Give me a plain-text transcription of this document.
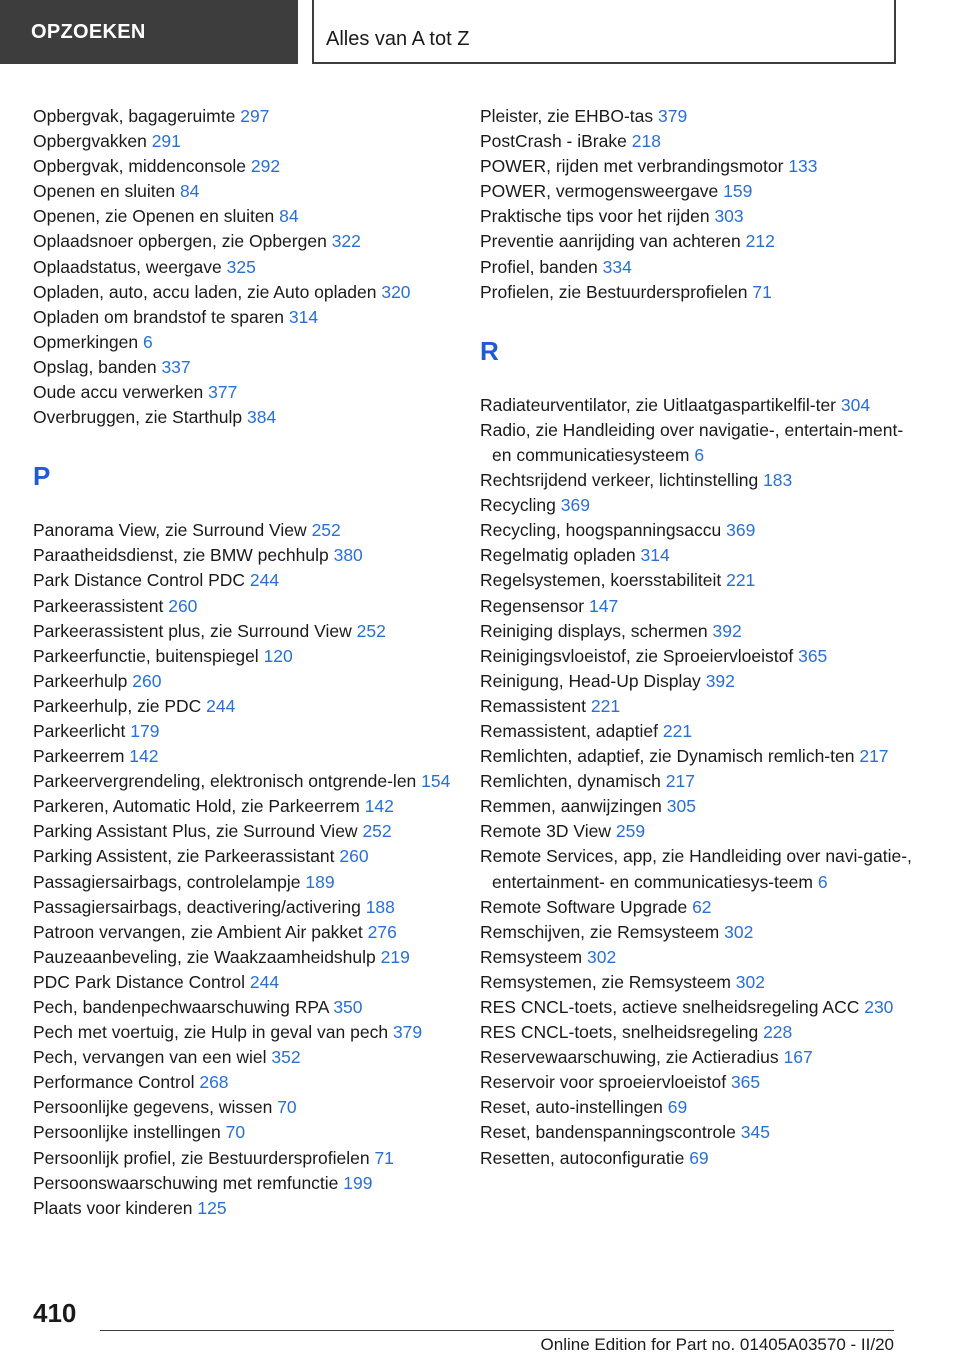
OPZOEKEN	Alles van A tot Z
Opbergvak, bagageruimte 297
Opbergvakken 291
Opbergvak, middenconsole 292
Openen en sluiten 84
Openen, zie Openen en sluiten 84
Oplaadsnoer opbergen, zie Opbergen 322
Oplaadstatus, weergave 325
Opladen, auto, accu laden, zie Auto opladen 320
Opladen om brandstof te sparen 314
Opmerkingen 6
Opslag, banden 337
Oude accu verwerken 377
Overbruggen, zie Starthulp 384
P
Panorama View, zie Surround View 252
Paraatheidsdienst, zie BMW pechhulp 380
Park Distance Control PDC 244
Parkeerassistent 260
Parkeerassistent plus, zie Surround View 252
Parkeerfunctie, buitenspiegel 120
Parkeerhulp 260
Parkeerhulp, zie PDC 244
Parkeerlicht 179
Parkeerrem 142
Parkeervergrendeling, elektronisch ontgrende-len 154
Parkeren, Automatic Hold, zie Parkeerrem 142
Parking Assistant Plus, zie Surround View 252
Parking Assistent, zie Parkeerassistant 260
Passagiersairbags, controlelampje 189
Passagiersairbags, deactivering/activering 188
Patroon vervangen, zie Ambient Air pakket 276
Pauzeaanbeveling, zie Waakzaamheidshulp 219
PDC Park Distance Control 244
Pech, bandenpechwaarschuwing RPA 350
Pech met voertuig, zie Hulp in geval van pech 379
Pech, vervangen van een wiel 352
Performance Control 268
Persoonlijke gegevens, wissen 70
Persoonlijke instellingen 70
Persoonlijk profiel, zie Bestuurdersprofielen 71
Persoonswaarschuwing met remfunctie 199
Plaats voor kinderen 125
Pleister, zie EHBO-tas 379
PostCrash - iBrake 218
POWER, rijden met verbrandingsmotor 133
POWER, vermogensweergave 159
Praktische tips voor het rijden 303
Preventie aanrijding van achteren 212
Profiel, banden 334
Profielen, zie Bestuurdersprofielen 71
R
Radiateurventilator, zie Uitlaatgaspartikelfil-ter 304
Radio, zie Handleiding over navigatie-, entertain-ment- en communicatiesysteem 6
Rechtsrijdend verkeer, lichtinstelling 183
Recycling 369
Recycling, hoogspanningsaccu 369
Regelmatig opladen 314
Regelsystemen, koersstabiliteit 221
Regensensor 147
Reiniging displays, schermen 392
Reinigingsvloeistof, zie Sproeiervloeistof 365
Reinigung, Head-Up Display 392
Remassistent 221
Remassistent, adaptief 221
Remlichten, adaptief, zie Dynamisch remlich-ten 217
Remlichten, dynamisch 217
Remmen, aanwijzingen 305
Remote 3D View 259
Remote Services, app, zie Handleiding over navi-gatie-, entertainment- en communicatiesys-teem 6
Remote Software Upgrade 62
Remschijven, zie Remsysteem 302
Remsysteem 302
Remsystemen, zie Remsysteem 302
RES CNCL-toets, actieve snelheidsregeling ACC 230
RES CNCL-toets, snelheidsregeling 228
Reservewaarschuwing, zie Actieradius 167
Reservoir voor sproeiervloeistof 365
Reset, auto-instellingen 69
Reset, bandenspanningscontrole 345
Resetten, autoconfiguratie 69
410
Online Edition for Part no. 01405A03570 - II/20
